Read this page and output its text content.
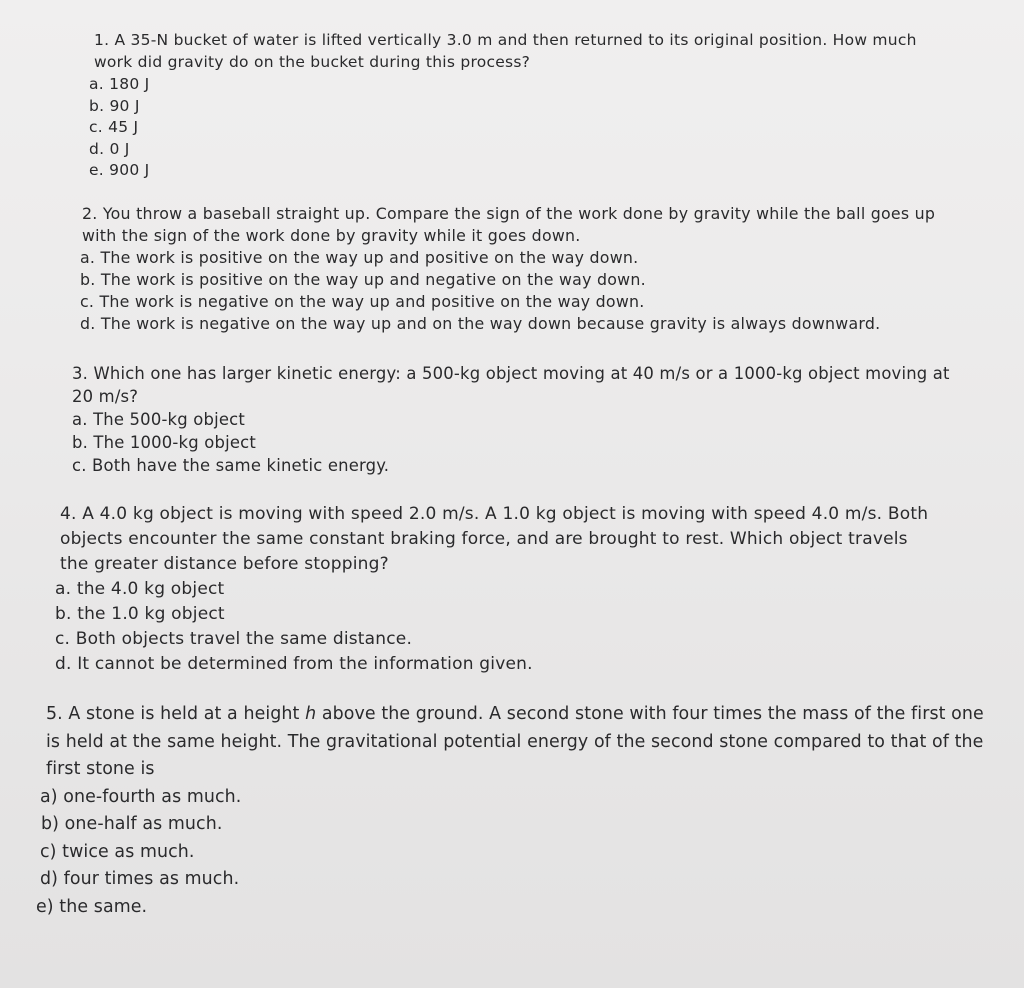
1. A 35-N bucket of water is lifted vertically 3.0 m and then returned to its original position. How much work did gravity do on the bucket during this process?

a. 180 J

b. 90 J

c. 45 J

d. 0 J

e. 900 J

2. You throw a baseball straight up. Compare the sign of the work done by gravity while the ball goes up with the sign of the work done by gravity while it goes down.

a. The work is positive on the way up and positive on the way down.

b. The work is positive on the way up and negative on the way down.

c. The work is negative on the way up and positive on the way down.

d. The work is negative on the way up and on the way down because gravity is always downward.

3. Which one has larger kinetic energy: a 500-kg object moving at 40 m/s or a 1000-kg object moving at 20 m/s?

a. The 500-kg object

b. The 1000-kg object

c. Both have the same kinetic energy.

4. A 4.0 kg object is moving with speed 2.0 m/s. A 1.0 kg object is moving with speed 4.0 m/s. Both objects encounter the same constant braking force, and are brought to rest. Which object travels the greater distance before stopping?

a. the 4.0 kg object

b. the 1.0 kg object

c. Both objects travel the same distance.

d. It cannot be determined from the information given.

5. A stone is held at a height h above the ground. A second stone with four times the mass of the first one is held at the same height. The gravitational potential energy of the second stone compared to that of the first stone is

a) one-fourth as much.

b) one-half as much.

c) twice as much.

d) four times as much.

e) the same.
